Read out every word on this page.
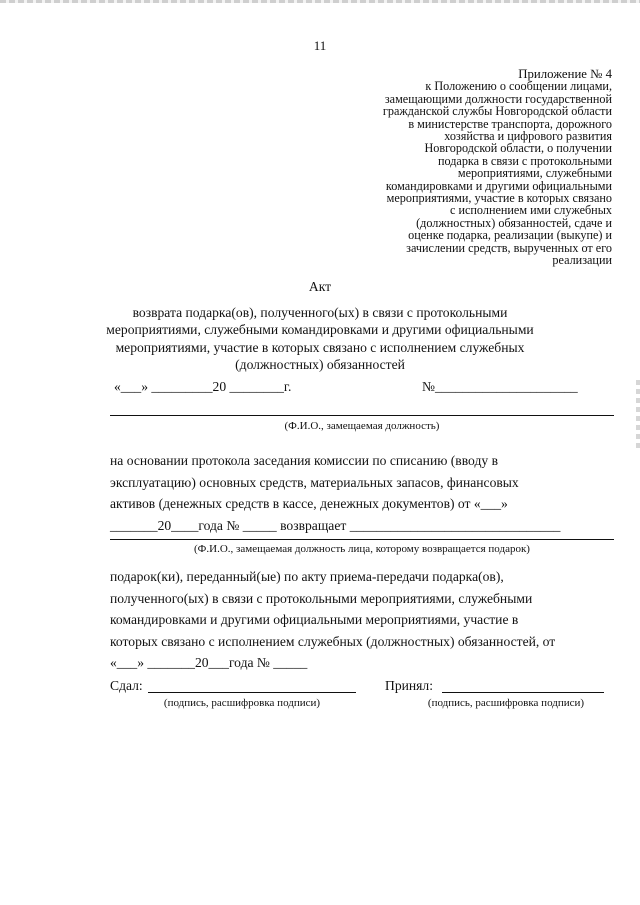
11
Приложение № 4
к Положению о сообщении лицами,
замещающими должности государственной
гражданской службы Новгородской области
в министерстве транспорта, дорожного
хозяйства и цифрового развития
Новгородской области, о получении
подарка в связи с протокольными
мероприятиями, служебными
командировками и другими официальными
мероприятиями, участие в которых связано
с исполнением ими служебных
(должностных) обязанностей, сдаче и
оценке подарка, реализации (выкупе) и
зачислении средств, вырученных от его
реализации
Акт
возврата подарка(ов), полученного(ых) в связи с протокольными
мероприятиями, служебными командировками и другими официальными
мероприятиями, участие в которых связано с исполнением служебных
(должностных) обязанностей
«___» _________20 ________г.	№_____________________
(Ф.И.О., замещаемая должность)
на основании протокола заседания комиссии по списанию (вводу в
эксплуатацию) основных средств, материальных запасов, финансовых
активов (денежных средств в кассе, денежных документов) от «___»
_______20____года № _____ возвращает _______________________________
(Ф.И.О., замещаемая должность лица, которому возвращается подарок)
подарок(ки), переданный(ые) по акту приема-передачи подарка(ов),
полученного(ых) в связи с протокольными мероприятиями, служебными
командировками и другими официальными мероприятиями, участие в
которых связано с исполнением служебных (должностных) обязанностей, от
«___» _______20___года № _____
Сдал:
(подпись, расшифровка подписи)
Принял:
(подпись, расшифровка подписи)
